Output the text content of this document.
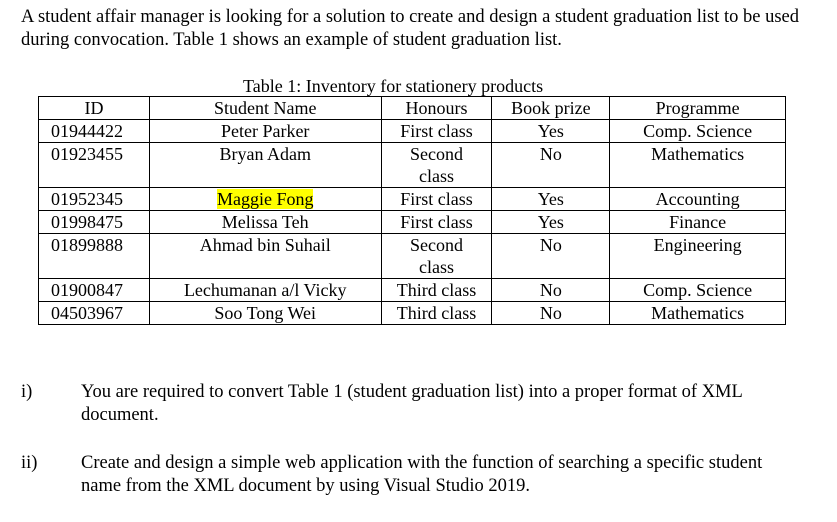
A student affair manager is looking for a solution to create and design a student graduation list to be used during convocation. Table 1 shows an example of student graduation list.
Table 1: Inventory for stationery products
ID	Student Name	Honours	Book prize	Programme
01944422	Peter Parker	First class	Yes	Comp. Science
01923455	Bryan Adam	Second class	No	Mathematics
01952345	Maggie Fong	First class	Yes	Accounting
01998475	Melissa Teh	First class	Yes	Finance
01899888	Ahmad bin Suhail	Second class	No	Engineering
01900847	Lechumanan a/l Vicky	Third class	No	Comp. Science
04503967	Soo Tong Wei	Third class	No	Mathematics
i)	You are required to convert Table 1 (student graduation list) into a proper format of XML document.
ii) Create and design a simple web application with the function of searching a specific student name from the XML document by using Visual Studio 2019.
